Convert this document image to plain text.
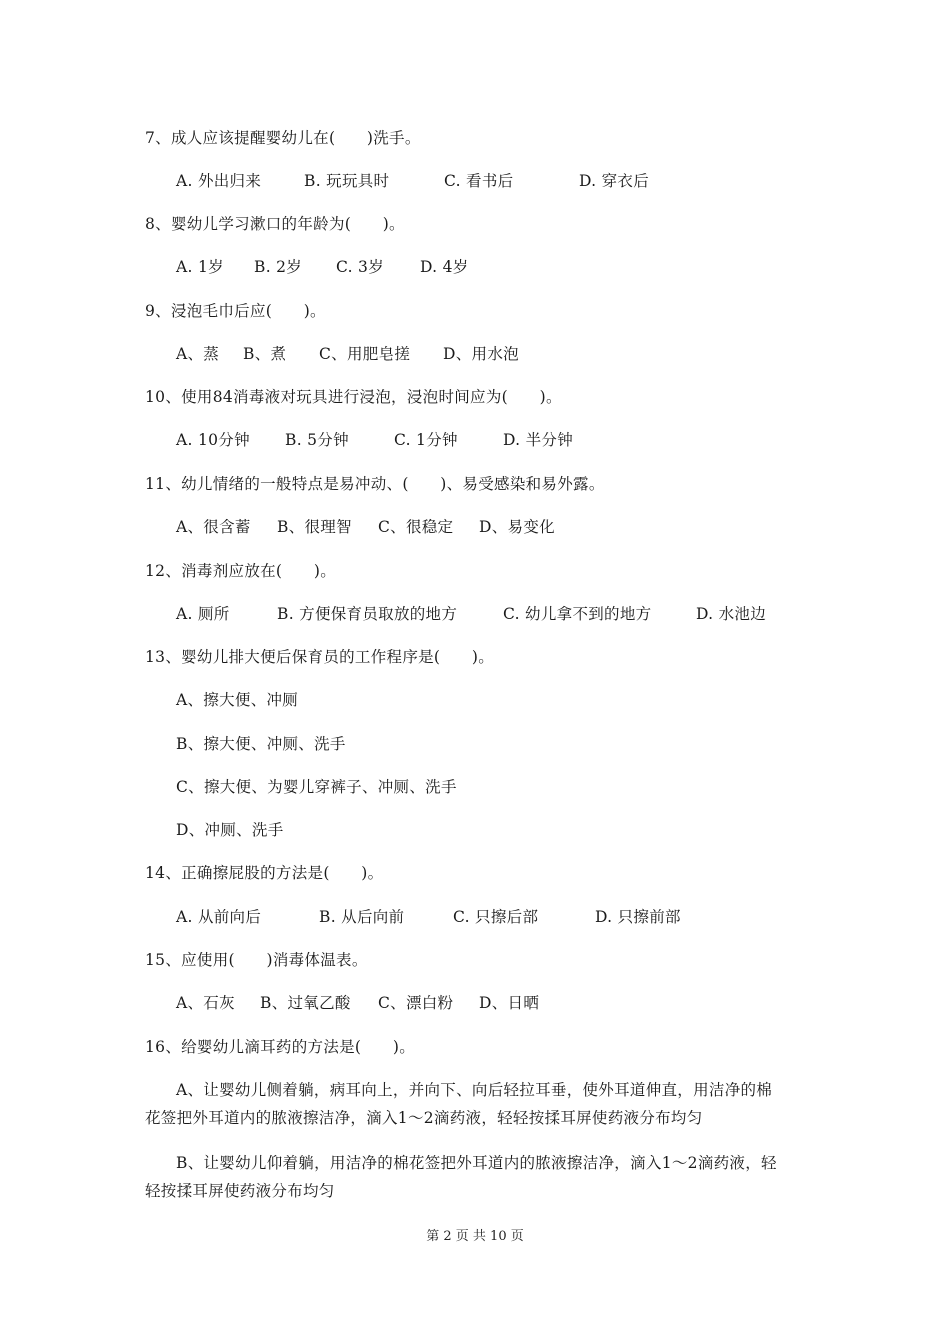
7、成人应该提醒婴幼儿在(　　)洗手。

A. 外出归来

	B. 玩玩具时

	C. 看书后

	D. 穿衣后

8、婴幼儿学习漱口的年龄为(　　)。

A. 1岁

B. 2岁

C. 3岁

D. 4岁

9、浸泡毛巾后应(　　)。

A、蒸

B、煮

C、用肥皂搓

D、用水泡

10、使用84消毒液对玩具进行浸泡，浸泡时间应为(　　)。

A. 10分钟

B. 5分钟

	C. 1分钟

	D. 半分钟

11、幼儿情绪的一般特点是易冲动、(　　)、易受感染和易外露。

A、很含蓄

B、很理智

C、很稳定

D、易变化

12、消毒剂应放在(　　)。

A. 厕所

	B. 方便保育员取放的地方

	C. 幼儿拿不到的地方

	D. 水池边

13、婴幼儿排大便后保育员的工作程序是(　　)。
A、擦大便、冲厕
B、擦大便、冲厕、洗手
C、擦大便、为婴儿穿裤子、冲厕、洗手
D、冲厕、洗手
14、正确擦屁股的方法是(　　)。

A. 从前向后

	B. 从后向前

	C. 只擦后部

	D. 只擦前部

15、应使用(　　)消毒体温表。

A、石灰

B、过氧乙酸

C、漂白粉

D、日晒

16、给婴幼儿滴耳药的方法是(　　)。
A、让婴幼儿侧着躺，病耳向上，并向下、向后轻拉耳垂，使外耳道伸直，用洁净的棉
花签把外耳道内的脓液擦洁净，滴入1～2滴药液，轻轻按揉耳屏使药液分布均匀
B、让婴幼儿仰着躺，用洁净的棉花签把外耳道内的脓液擦洁净，滴入1～2滴药液，轻
轻按揉耳屏使药液分布均匀
第 2 页 共 10 页
